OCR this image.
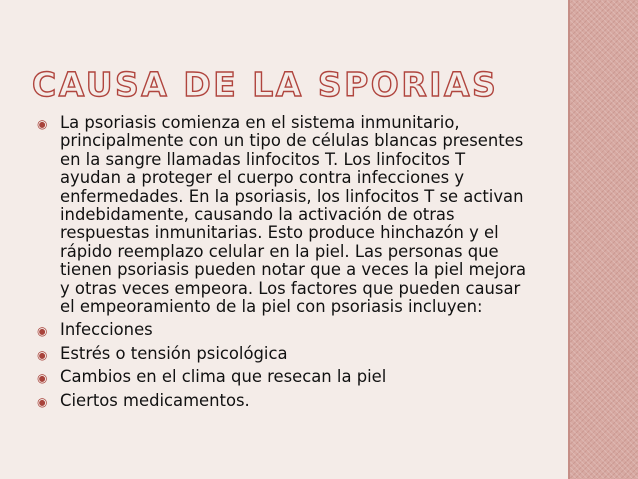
CAUSA DE LA SPORIAS
◉ La psoriasis comienza en el sistema inmunitario, principalmente con un tipo de células blancas presentes en la sangre llamadas linfocitos T. Los linfocitos T ayudan a proteger el cuerpo contra infecciones y enfermedades. En la psoriasis, los linfocitos T se activan indebidamente, causando la activación de otras respuestas inmunitarias. Esto produce hinchazón y el rápido reemplazo celular en la piel. Las personas que tienen psoriasis pueden notar que a veces la piel mejora y otras veces empeora. Los factores que pueden causar el empeoramiento de la piel con psoriasis incluyen:
◉ Infecciones
◉ Estrés o tensión psicológica
◉ Cambios en el clima que resecan la piel
◉ Ciertos medicamentos.
